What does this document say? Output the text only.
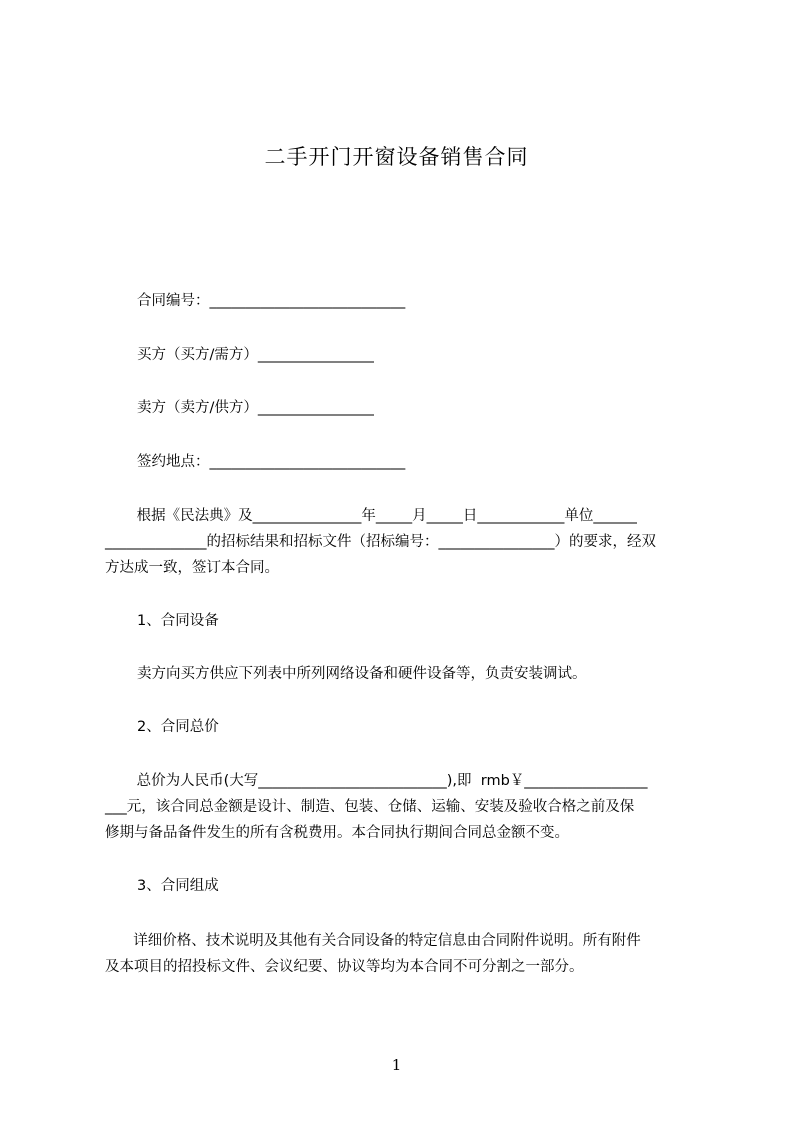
二手开门开窗设备销售合同
合同编号：___________________________
买方（买方/需方）________________
卖方（卖方/供方）________________
签约地点：___________________________
根据《民法典》及_______________年_____月_____日____________单位______
______________的招标结果和招标文件（招标编号：________________）的要求，经双
方达成一致，签订本合同。
1、合同设备
卖方向买方供应下列表中所列网络设备和硬件设备等，负责安装调试。
2、合同总价
总价为人民币(大写__________________________),即  rmb￥_________________
___元，该合同总金额是设计、制造、包装、仓储、运输、安装及验收合格之前及保
修期与备品备件发生的所有含税费用。本合同执行期间合同总金额不变。
3、合同组成
详细价格、技术说明及其他有关合同设备的特定信息由合同附件说明。所有附件
及本项目的招投标文件、会议纪要、协议等均为本合同不可分割之一部分。
1
